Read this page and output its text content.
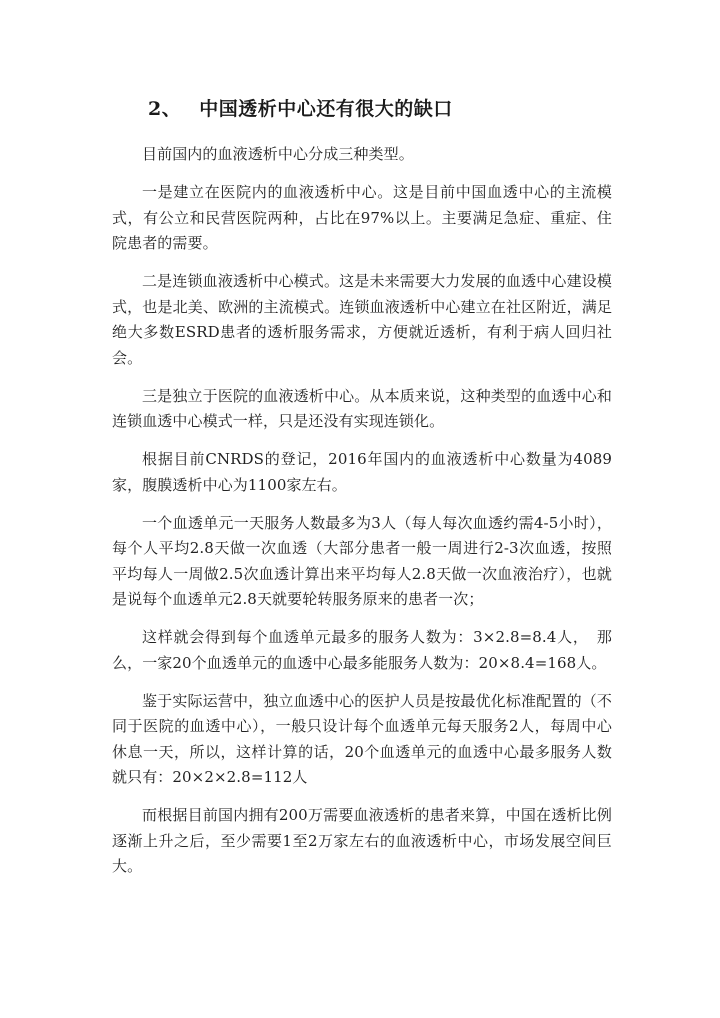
2、 中国透析中心还有很大的缺口

目前国内的血液透析中心分成三种类型。

一是建立在医院内的血液透析中心。这是目前中国血透中心的主流模式，有公立和民营医院两种，占比在97%以上。主要满足急症、重症、住院患者的需要。

二是连锁血液透析中心模式。这是未来需要大力发展的血透中心建设模式，也是北美、欧洲的主流模式。连锁血液透析中心建立在社区附近，满足绝大多数ESRD患者的透析服务需求，方便就近透析，有利于病人回归社会。

三是独立于医院的血液透析中心。从本质来说，这种类型的血透中心和连锁血透中心模式一样，只是还没有实现连锁化。

根据目前CNRDS的登记，2016年国内的血液透析中心数量为4089家，腹膜透析中心为1100家左右。

一个血透单元一天服务人数最多为3人（每人每次血透约需4-5小时），每个人平均2.8天做一次血透（大部分患者一般一周进行2-3次血透，按照平均每人一周做2.5次血透计算出来平均每人2.8天做一次血液治疗），也就是说每个血透单元2.8天就要轮转服务原来的患者一次；

这样就会得到每个血透单元最多的服务人数为：3×2.8=8.4人，　那么，一家20个血透单元的血透中心最多能服务人数为：20×8.4=168人。

鉴于实际运营中，独立血透中心的医护人员是按最优化标准配置的（不同于医院的血透中心），一般只设计每个血透单元每天服务2人，每周中心休息一天，所以，这样计算的话，20个血透单元的血透中心最多服务人数就只有：20×2×2.8=112人

而根据目前国内拥有200万需要血液透析的患者来算，中国在透析比例逐渐上升之后，至少需要1至2万家左右的血液透析中心，市场发展空间巨大。
